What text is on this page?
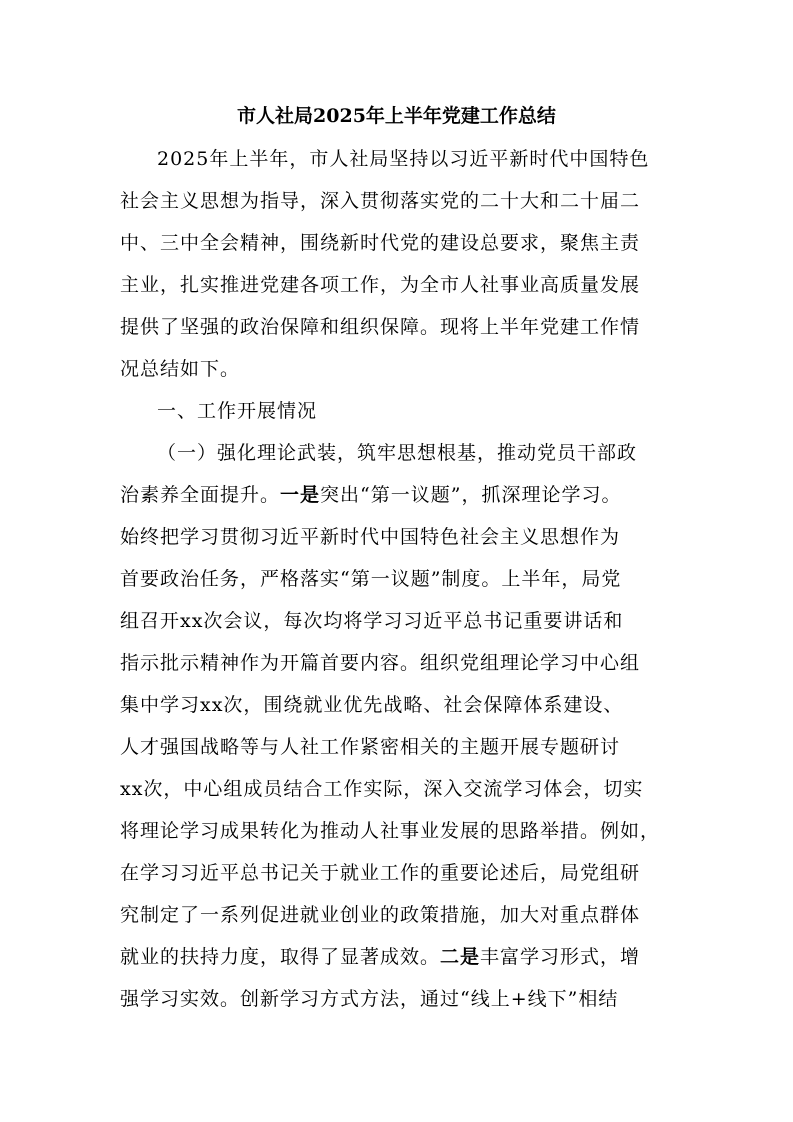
市人社局2025年上半年党建工作总结
2025年上半年，市人社局坚持以习近平新时代中国特色
社会主义思想为指导，深入贯彻落实党的二十大和二十届二
中、三中全会精神，围绕新时代党的建设总要求，聚焦主责
主业，扎实推进党建各项工作，为全市人社事业高质量发展
提供了坚强的政治保障和组织保障。现将上半年党建工作情
况总结如下。
一、工作开展情况
（一）强化理论武装，筑牢思想根基，推动党员干部政
治素养全面提升。一是突出“第一议题”，抓深理论学习。
始终把学习贯彻习近平新时代中国特色社会主义思想作为
首要政治任务，严格落实“第一议题”制度。上半年，局党
组召开xx次会议，每次均将学习习近平总书记重要讲话和
指示批示精神作为开篇首要内容。组织党组理论学习中心组
集中学习xx次，围绕就业优先战略、社会保障体系建设、
人才强国战略等与人社工作紧密相关的主题开展专题研讨
xx次，中心组成员结合工作实际，深入交流学习体会，切实
将理论学习成果转化为推动人社事业发展的思路举措。例如，
在学习习近平总书记关于就业工作的重要论述后，局党组研
究制定了一系列促进就业创业的政策措施，加大对重点群体
就业的扶持力度，取得了显著成效。二是丰富学习形式，增
强学习实效。创新学习方式方法，通过“线上+线下”相结
